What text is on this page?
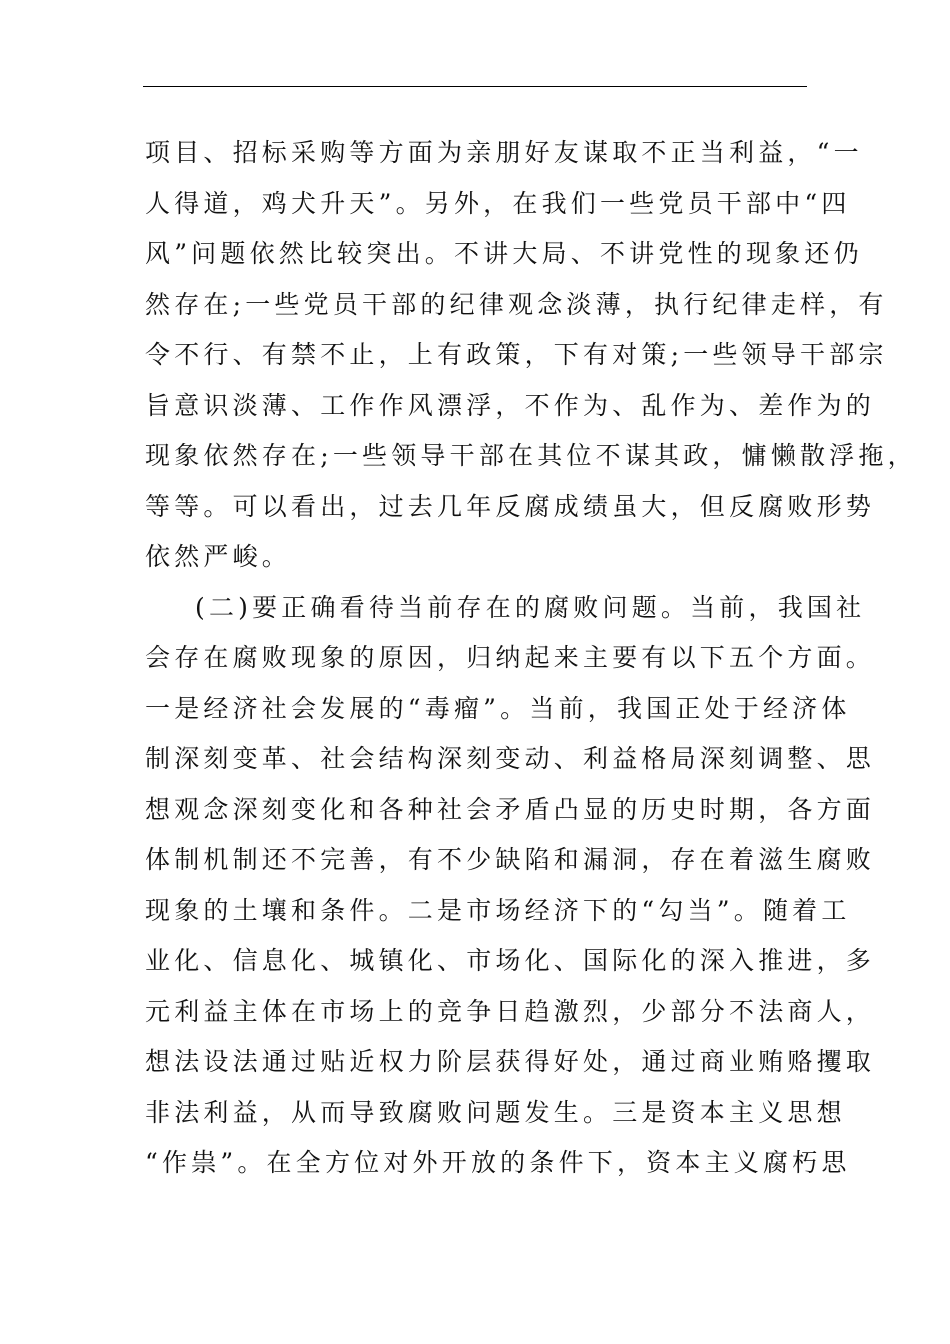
项目、招标采购等方面为亲朋好友谋取不正当利益，“一
人得道，鸡犬升天”。另外，在我们一些党员干部中“四
风”问题依然比较突出。不讲大局、不讲党性的现象还仍
然存在;一些党员干部的纪律观念淡薄，执行纪律走样，有
令不行、有禁不止，上有政策，下有对策;一些领导干部宗
旨意识淡薄、工作作风漂浮，不作为、乱作为、差作为的
现象依然存在;一些领导干部在其位不谋其政，慵懒散浮拖，
等等。可以看出，过去几年反腐成绩虽大，但反腐败形势
依然严峻。
(二)要正确看待当前存在的腐败问题。当前，我国社
会存在腐败现象的原因，归纳起来主要有以下五个方面。
一是经济社会发展的“毒瘤”。当前，我国正处于经济体
制深刻变革、社会结构深刻变动、利益格局深刻调整、思
想观念深刻变化和各种社会矛盾凸显的历史时期，各方面
体制机制还不完善，有不少缺陷和漏洞，存在着滋生腐败
现象的土壤和条件。二是市场经济下的“勾当”。随着工
业化、信息化、城镇化、市场化、国际化的深入推进，多
元利益主体在市场上的竞争日趋激烈，少部分不法商人，
想法设法通过贴近权力阶层获得好处，通过商业贿赂攫取
非法利益，从而导致腐败问题发生。三是资本主义思想
“作祟”。在全方位对外开放的条件下，资本主义腐朽思
